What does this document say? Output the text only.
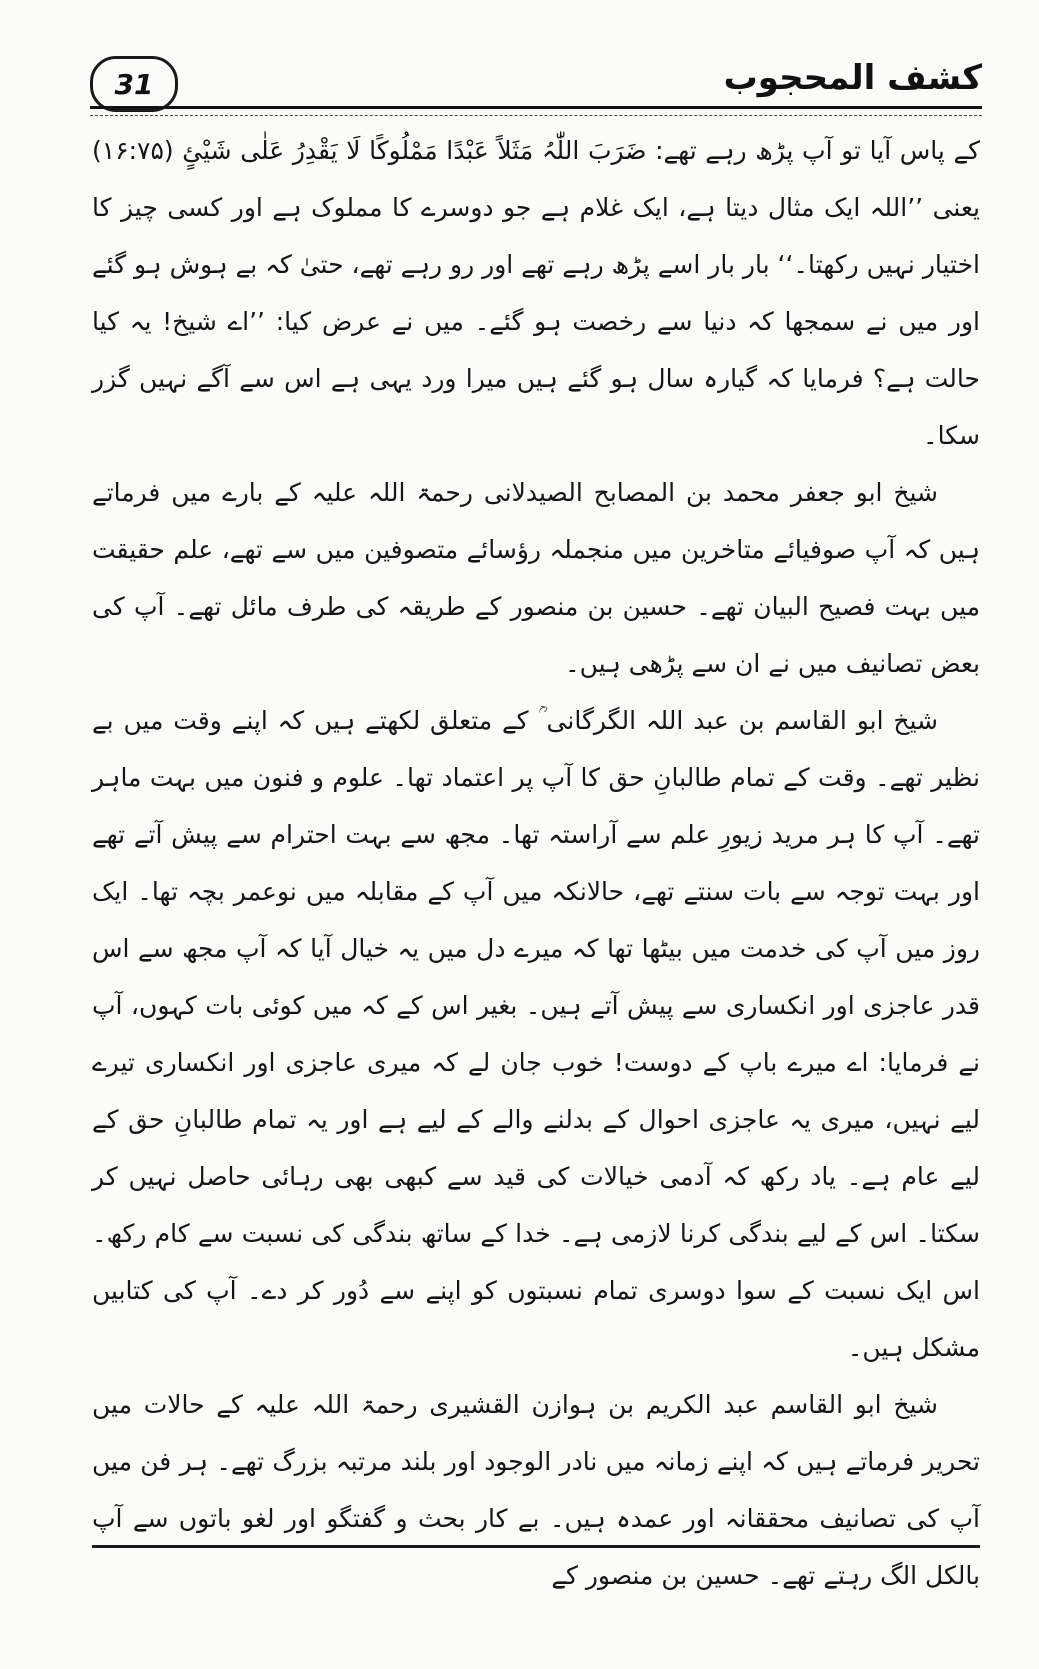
31	کشف المحجوب

کے پاس آیا تو آپ پڑھ رہے تھے: ضَرَبَ اللّٰہُ مَثَلاً عَبْدًا مَمْلُوکًا لَا یَقْدِرُ عَلٰی شَیْئٍ (۱۶:۷۵) یعنی ’’اللہ ایک مثال دیتا ہے، ایک غلام ہے جو دوسرے کا مملوک ہے اور کسی چیز کا اختیار نہیں رکھتا۔‘‘ بار بار اسے پڑھ رہے تھے اور رو رہے تھے، حتیٰ کہ بے ہوش ہو گئے اور میں نے سمجھا کہ دنیا سے رخصت ہو گئے۔ میں نے عرض کیا: ’’اے شیخ! یہ کیا حالت ہے؟ فرمایا کہ گیارہ سال ہو گئے ہیں میرا ورد یہی ہے اس سے آگے نہیں گزر سکا۔

شیخ ابو جعفر محمد بن المصابح الصیدلانی رحمۃ اللہ علیہ کے بارے میں فرماتے ہیں کہ آپ صوفیائے متاخرین میں منجملہ رؤسائے متصوفین میں سے تھے، علم حقیقت میں بہت فصیح البیان تھے۔ حسین بن منصور کے طریقہ کی طرف مائل تھے۔ آپ کی بعض تصانیف میں نے ان سے پڑھی ہیں۔

شیخ ابو القاسم بن عبد اللہ الگرگانی ؒ کے متعلق لکھتے ہیں کہ اپنے وقت میں بے نظیر تھے۔ وقت کے تمام طالبانِ حق کا آپ پر اعتماد تھا۔ علوم و فنون میں بہت ماہر تھے۔ آپ کا ہر مرید زیورِ علم سے آراستہ تھا۔ مجھ سے بہت احترام سے پیش آتے تھے اور بہت توجہ سے بات سنتے تھے، حالانکہ میں آپ کے مقابلہ میں نوعمر بچہ تھا۔ ایک روز میں آپ کی خدمت میں بیٹھا تھا کہ میرے دل میں یہ خیال آیا کہ آپ مجھ سے اس قدر عاجزی اور انکساری سے پیش آتے ہیں۔ بغیر اس کے کہ میں کوئی بات کہوں، آپ نے فرمایا: اے میرے باپ کے دوست! خوب جان لے کہ میری عاجزی اور انکساری تیرے لیے نہیں، میری یہ عاجزی احوال کے بدلنے والے کے لیے ہے اور یہ تمام طالبانِ حق کے لیے عام ہے۔ یاد رکھ کہ آدمی خیالات کی قید سے کبھی بھی رہائی حاصل نہیں کر سکتا۔ اس کے لیے بندگی کرنا لازمی ہے۔ خدا کے ساتھ بندگی کی نسبت سے کام رکھ۔ اس ایک نسبت کے سوا دوسری تمام نسبتوں کو اپنے سے دُور کر دے۔ آپ کی کتابیں مشکل ہیں۔

شیخ ابو القاسم عبد الکریم بن ہوازن القشیری رحمۃ اللہ علیہ کے حالات میں تحریر فرماتے ہیں کہ اپنے زمانہ میں نادر الوجود اور بلند مرتبہ بزرگ تھے۔ ہر فن میں آپ کی تصانیف محققانہ اور عمدہ ہیں۔ بے کار بحث و گفتگو اور لغو باتوں سے آپ بالکل الگ رہتے تھے۔ حسین بن منصور کے
